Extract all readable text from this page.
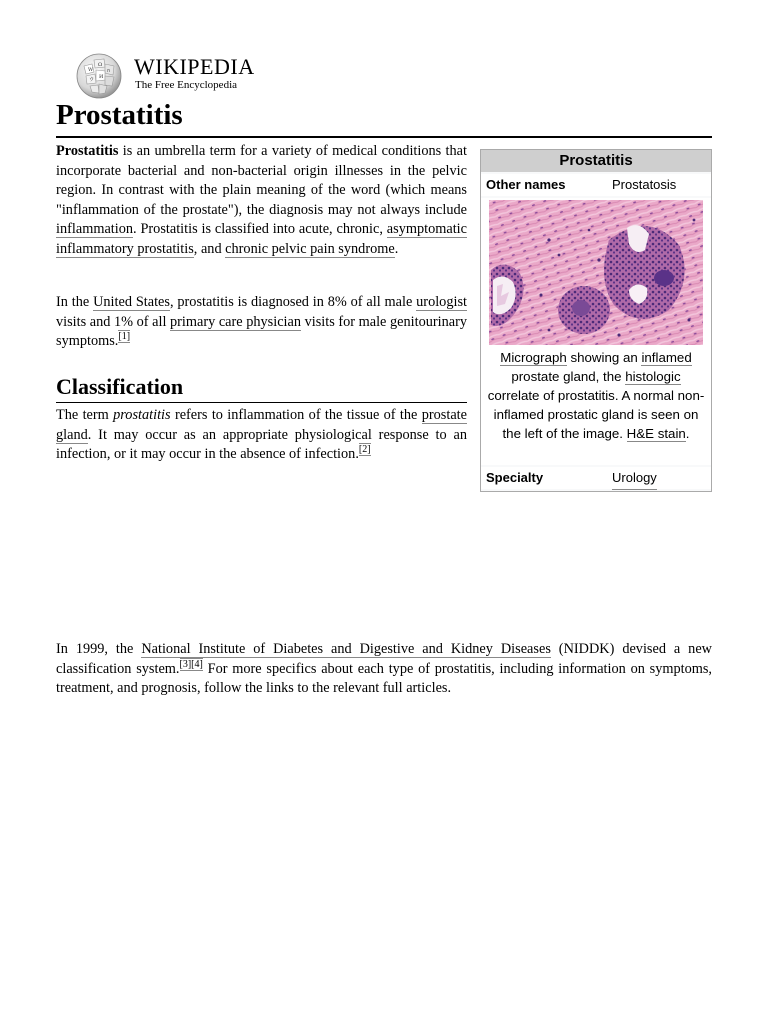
W
Ω
И
ก
ウ
WIKIPEDIA
The Free Encyclopedia
Prostatitis

Prostatitis is an umbrella term for a variety of medical conditions that incorporate bacterial and non-bacterial origin illnesses in the pelvic region. In contrast with the plain meaning of the word (which means "inflammation of the prostate"), the diagnosis may not always include inflammation. Prostatitis is classified into acute, chronic, asymptomatic inflammatory prostatitis, and chronic pelvic pain syndrome.

In the United States, prostatitis is diagnosed in 8% of all male urologist visits and 1% of all primary care physician visits for male genitourinary symptoms.[1]

Classification

The term prostatitis refers to inflammation of the tissue of the prostate gland. It may occur as an appropriate physiological response to an infection, or it may occur in the absence of infection.[2]

In 1999, the National Institute of Diabetes and Digestive and Kidney Diseases (NIDDK) devised a new classification system.[3][4] For more specifics about each type of prostatitis, including information on symptoms, treatment, and prognosis, follow the links to the relevant full articles.

Prostatitis
Other names	Prostatosis
Micrograph showing an inflamed prostate gland, the histologic correlate of prostatitis. A normal non-inflamed prostatic gland is seen on the left of the image. H&E stain.
Specialty	Urology
